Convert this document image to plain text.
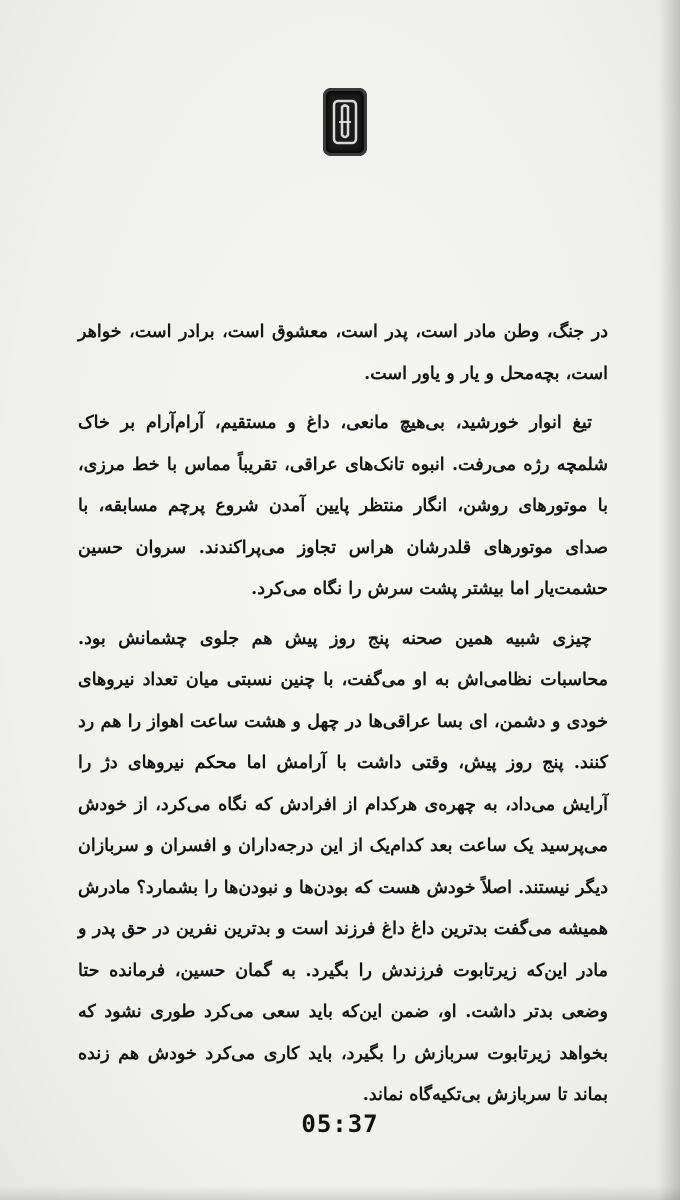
در جنگ، وطن مادر است، پدر است، معشوق است، برادر است، خواهر است، بچه‌محل و یار و یاور است.

تیغ انوار خورشید، بی‌هیچ مانعی، داغ و مستقیم، آرام‌آرام بر خاک شلمچه رژه می‌رفت. انبوه تانک‌های عراقی، تقریباً مماس با خط مرزی، با موتورهای روشن، انگار منتظر پایین آمدن شروع پرچم مسابقه، با صدای موتورهای قلدرشان هراس تجاوز می‌پراکندند. سروان حسین حشمت‌یار اما بیشتر پشت سرش را نگاه می‌کرد.

چیزی شبیه همین صحنه پنج روز پیش هم جلوی چشمانش بود. محاسبات نظامی‌اش به او می‌گفت، با چنین نسبتی میان تعداد نیروهای خودی و دشمن، ای بسا عراقی‌ها در چهل و هشت ساعت اهواز را هم رد کنند. پنج روز پیش، وقتی داشت با آرامش اما محکم نیروهای دژ را آرایش می‌داد، به چهره‌ی هرکدام از افرادش که نگاه می‌کرد، از خودش می‌پرسید یک ساعت بعد کدام‌یک از این درجه‌داران و افسران و سربازان دیگر نیستند. اصلاً خودش هست که بودن‌ها و نبودن‌ها را بشمارد؟ مادرش همیشه می‌گفت بدترین داغ داغ فرزند است و بدترین نفرین در حق پدر و مادر این‌که زیرتابوت فرزندش را بگیرد. به گمان حسین، فرمانده حتا وضعی بدتر داشت. او، ضمن این‌که باید سعی می‌کرد طوری نشود که بخواهد زیرتابوت سربازش را بگیرد، باید کاری می‌کرد خودش هم زنده بماند تا سربازش بی‌تکیه‌گاه نماند.

05:37
